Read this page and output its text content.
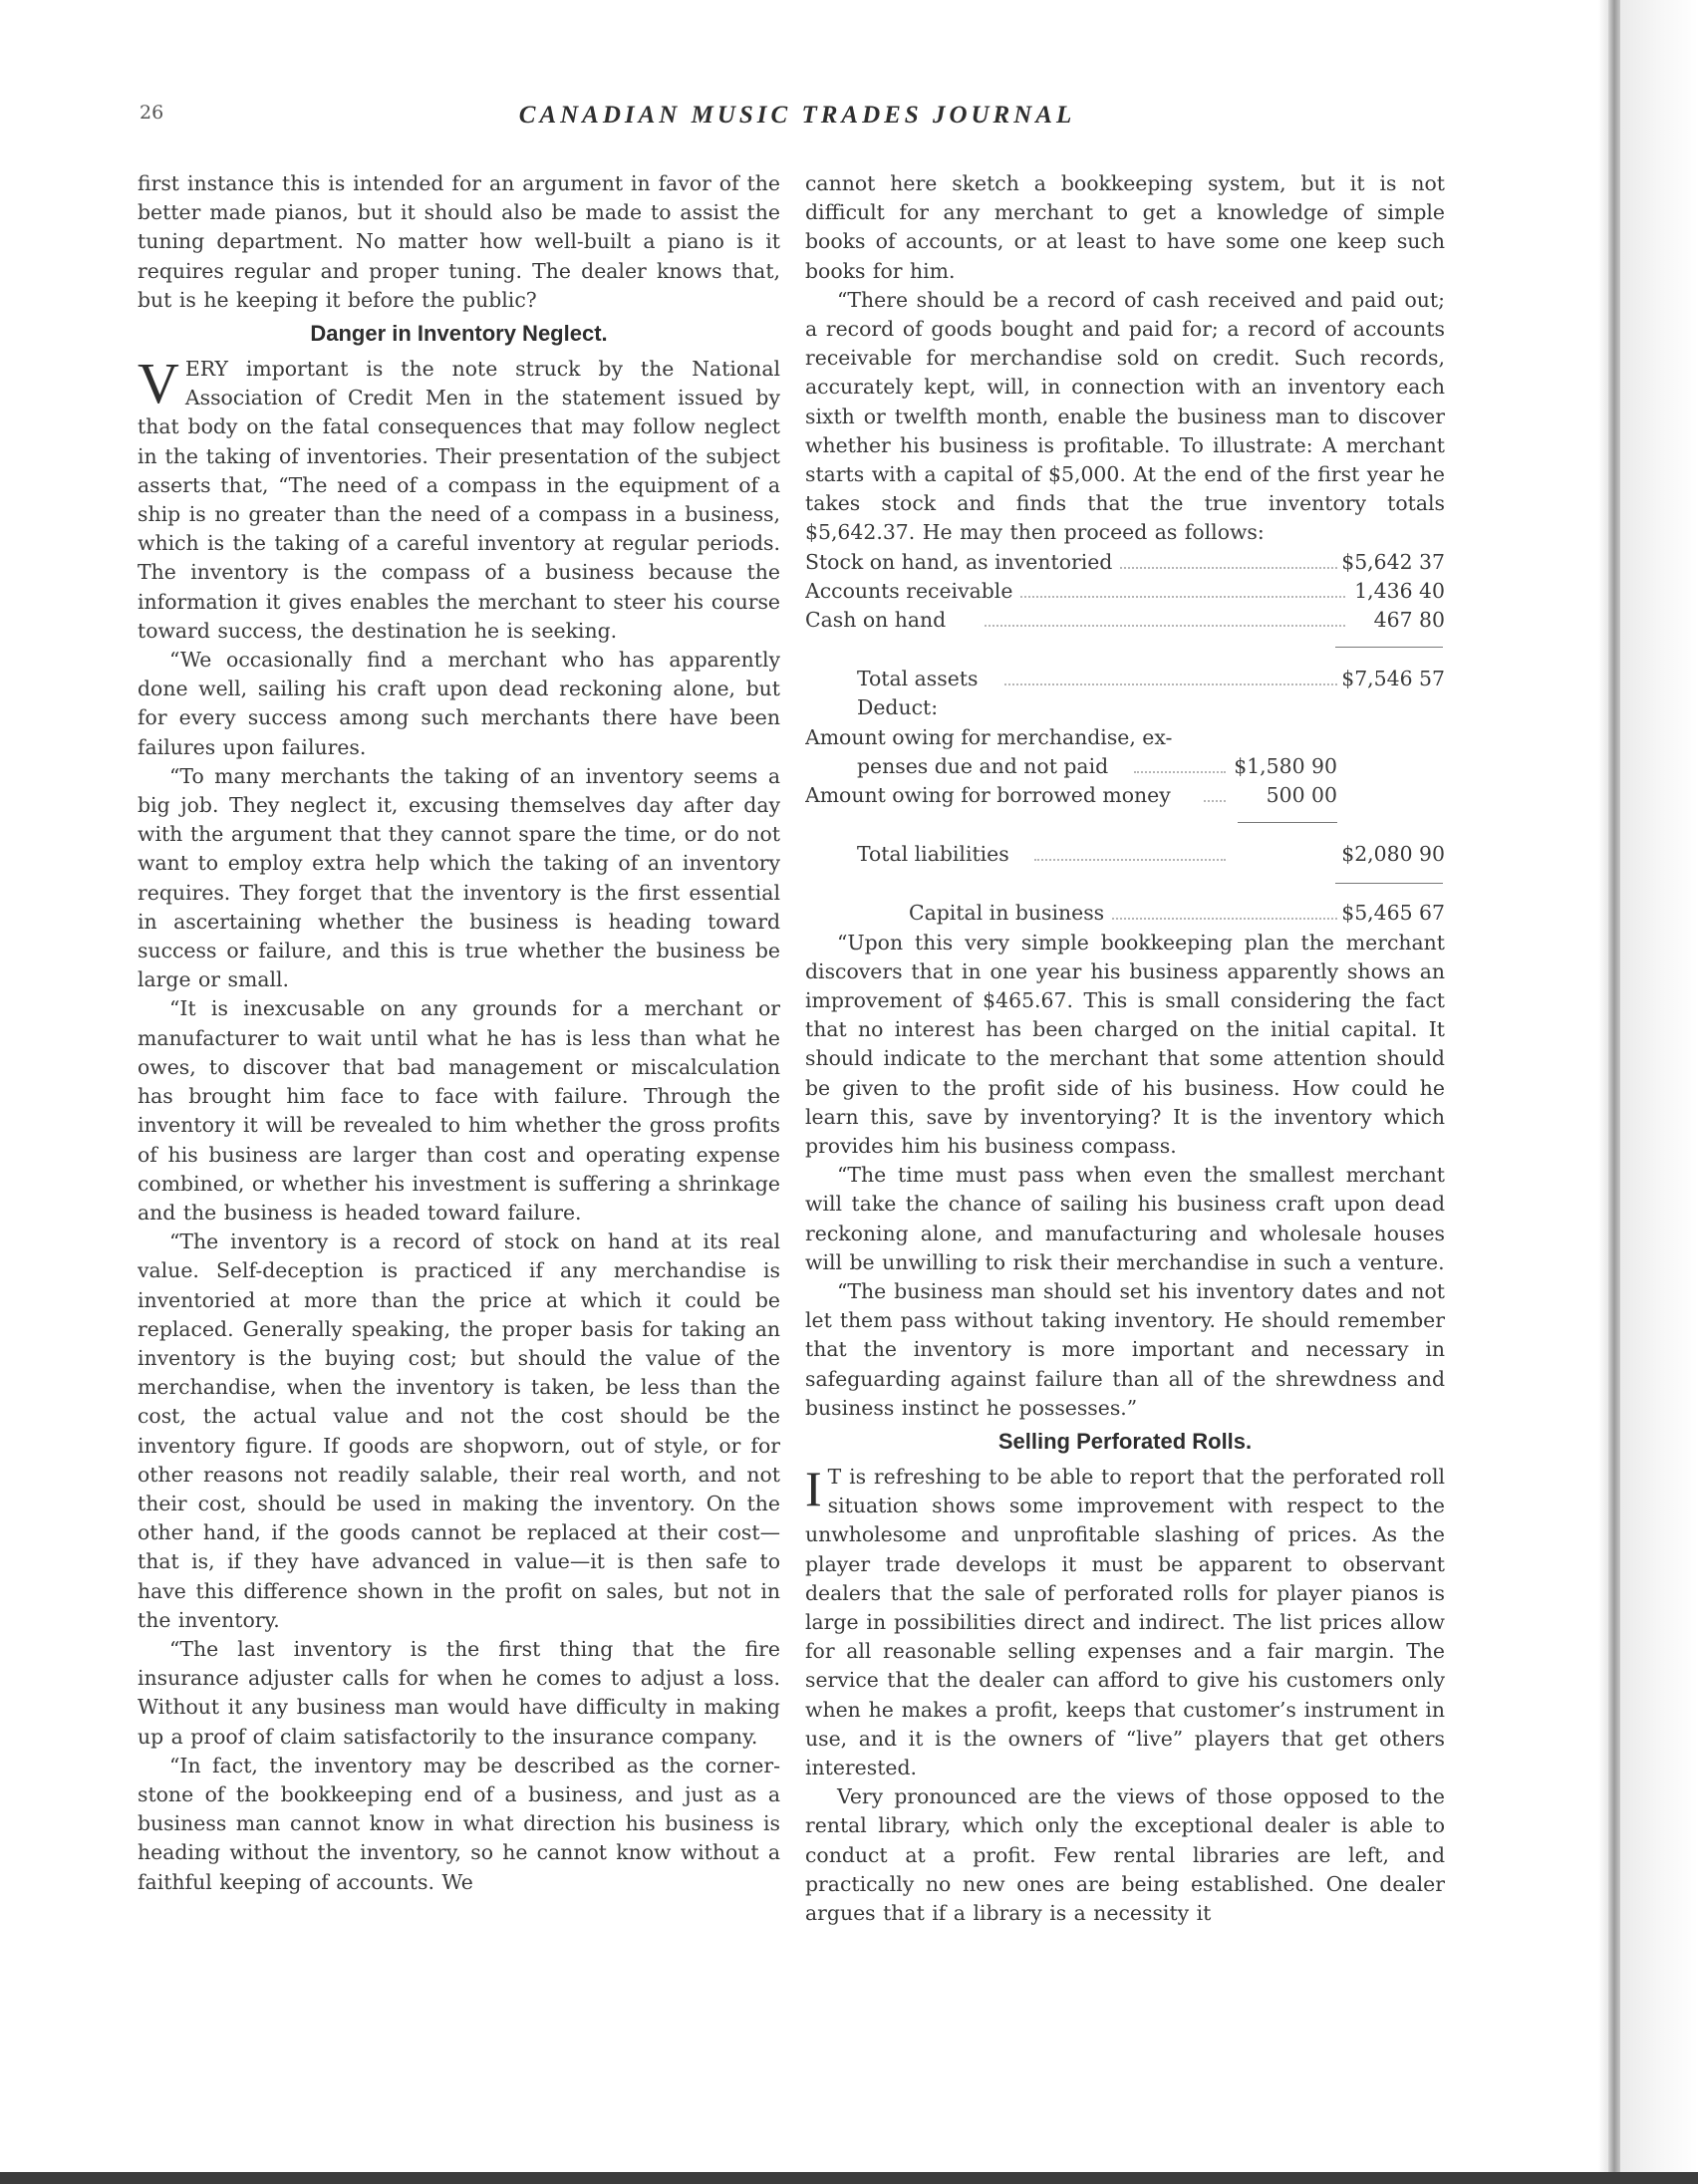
26	CANADIAN MUSIC TRADES JOURNAL

first instance this is intended for an argument in favor of the better made pianos, but it should also be made to assist the tuning department. No matter how well-built a piano is it requires regular and proper tuning. The dealer knows that, but is he keeping it before the public?

Danger in Inventory Neglect.

VERY important is the note struck by the National Association of Credit Men in the statement issued by that body on the fatal consequences that may follow neglect in the taking of inventories. Their presentation of the subject asserts that, “The need of a compass in the equipment of a ship is no greater than the need of a compass in a business, which is the taking of a careful inventory at regular periods. The inventory is the compass of a business because the information it gives enables the merchant to steer his course toward success, the destination he is seeking.

“We occasionally find a merchant who has apparently done well, sailing his craft upon dead reckoning alone, but for every success among such merchants there have been failures upon failures.

“To many merchants the taking of an inventory seems a big job. They neglect it, excusing themselves day after day with the argument that they cannot spare the time, or do not want to employ extra help which the taking of an inventory requires. They forget that the inventory is the first essential in ascertaining whether the business is heading toward success or failure, and this is true whether the business be large or small.

“It is inexcusable on any grounds for a merchant or manufacturer to wait until what he has is less than what he owes, to discover that bad management or miscalculation has brought him face to face with failure. Through the inventory it will be revealed to him whether the gross profits of his business are larger than cost and operating expense combined, or whether his investment is suffering a shrinkage and the business is headed toward failure.

“The inventory is a record of stock on hand at its real value. Self-deception is practiced if any merchandise is inventoried at more than the price at which it could be replaced. Generally speaking, the proper basis for taking an inventory is the buying cost; but should the value of the merchandise, when the inventory is taken, be less than the cost, the actual value and not the cost should be the inventory figure. If goods are shopworn, out of style, or for other reasons not readily salable, their real worth, and not their cost, should be used in making the inventory. On the other hand, if the goods cannot be replaced at their cost—that is, if they have advanced in value—it is then safe to have this difference shown in the profit on sales, but not in the inventory.

“The last inventory is the first thing that the fire insurance adjuster calls for when he comes to adjust a loss. Without it any business man would have difficulty in making up a proof of claim satisfactorily to the insurance company.

“In fact, the inventory may be described as the corner-stone of the bookkeeping end of a business, and just as a business man cannot know in what direction his business is heading without the inventory, so he cannot know without a faithful keeping of accounts. We

cannot here sketch a bookkeeping system, but it is not difficult for any merchant to get a knowledge of simple books of accounts, or at least to have some one keep such books for him.

“There should be a record of cash received and paid out; a record of goods bought and paid for; a record of accounts receivable for merchandise sold on credit. Such records, accurately kept, will, in connection with an inventory each sixth or twelfth month, enable the business man to discover whether his business is profitable. To illustrate: A merchant starts with a capital of $5,000. At the end of the first year he takes stock and finds that the true inventory totals $5,642.37. He may then proceed as follows:

Stock on hand, as inventoried	$5,642 37
Accounts receivable	1,436 40
Cash on hand	467 80
Total assets	$7,546 57
Deduct:
Amount owing for merchandise, ex-
penses due and not paid	$1,580 90
Amount owing for borrowed money	500 00
Total liabilities	$2,080 90
Capital in business	$5,465 67

“Upon this very simple bookkeeping plan the merchant discovers that in one year his business apparently shows an improvement of $465.67. This is small considering the fact that no interest has been charged on the initial capital. It should indicate to the merchant that some attention should be given to the profit side of his business. How could he learn this, save by inventorying? It is the inventory which provides him his business compass.

“The time must pass when even the smallest merchant will take the chance of sailing his business craft upon dead reckoning alone, and manufacturing and wholesale houses will be unwilling to risk their merchandise in such a venture.

“The business man should set his inventory dates and not let them pass without taking inventory. He should remember that the inventory is more important and necessary in safeguarding against failure than all of the shrewdness and business instinct he possesses.”

Selling Perforated Rolls.

I T is refreshing to be able to report that the perforated roll situation shows some improvement with respect to the unwholesome and unprofitable slashing of prices. As the player trade develops it must be apparent to observant dealers that the sale of perforated rolls for player pianos is large in possibilities direct and indirect. The list prices allow for all reasonable selling expenses and a fair margin. The service that the dealer can afford to give his customers only when he makes a profit, keeps that customer’s instrument in use, and it is the owners of “live” players that get others interested.

Very pronounced are the views of those opposed to the rental library, which only the exceptional dealer is able to conduct at a profit. Few rental libraries are left, and practically no new ones are being established. One dealer argues that if a library is a necessity it
